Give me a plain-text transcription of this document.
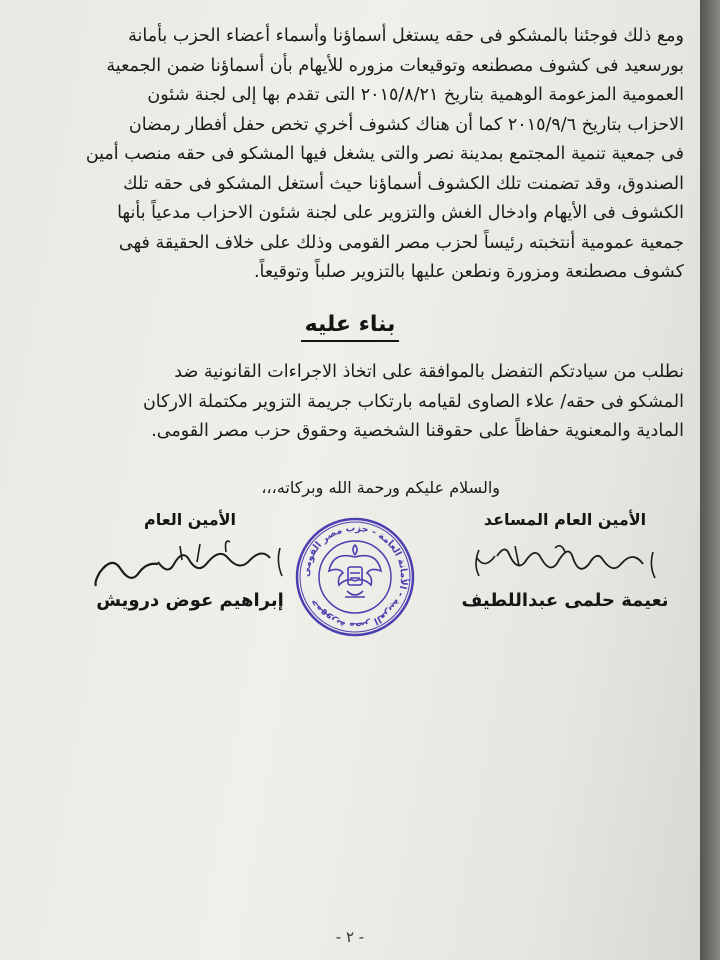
ومع ذلك فوجئنا بالمشكو فى حقه يستغل أسماؤنا وأسماء أعضاء الحزب بأمانة
بورسعيد فى كشوف مصطنعه وتوقيعات مزوره للأيهام بأن أسماؤنا ضمن الجمعية
العمومية المزعومة الوهمية بتاريخ ٢٠١٥/٨/٢١ التى تقدم بها إلى لجنة شئون
الاحزاب بتاريخ ٢٠١٥/٩/٦ كما أن هناك كشوف أخري تخص حفل أفطار رمضان
فى جمعية تنمية المجتمع بمدينة نصر والتى يشغل فيها المشكو فى حقه منصب أمين
الصندوق، وقد تضمنت تلك الكشوف أسماؤنا حيث أستغل المشكو فى حقه تلك
الكشوف فى الأيهام وادخال الغش والتزوير على لجنة شئون الاحزاب مدعياً بأنها
جمعية عمومية أنتخبته رئيساً لحزب مصر القومى وذلك على خلاف الحقيقة فهى
كشوف مصطنعة ومزورة ونطعن عليها بالتزوير صلباً وتوقيعاً.
بناء عليه
نطلب من سيادتكم التفضل بالموافقة على اتخاذ الاجراءات القانونية ضد
المشكو فى حقه/ علاء الصاوى لقيامه بارتكاب جريمة التزوير مكتملة الاركان
المادية والمعنوية حفاظاً على حقوقنا الشخصية وحقوق حزب مصر القومى.
والسلام عليكم ورحمة الله وبركاته،،،
الأمين العام المساعد
نعيمة حلمى عبداللطيف
جمهورية مصر العربية - الأمانة العامة - حزب مصر القومى
الأمين العام
إبراهيم عوض درويش
- ٢ -
